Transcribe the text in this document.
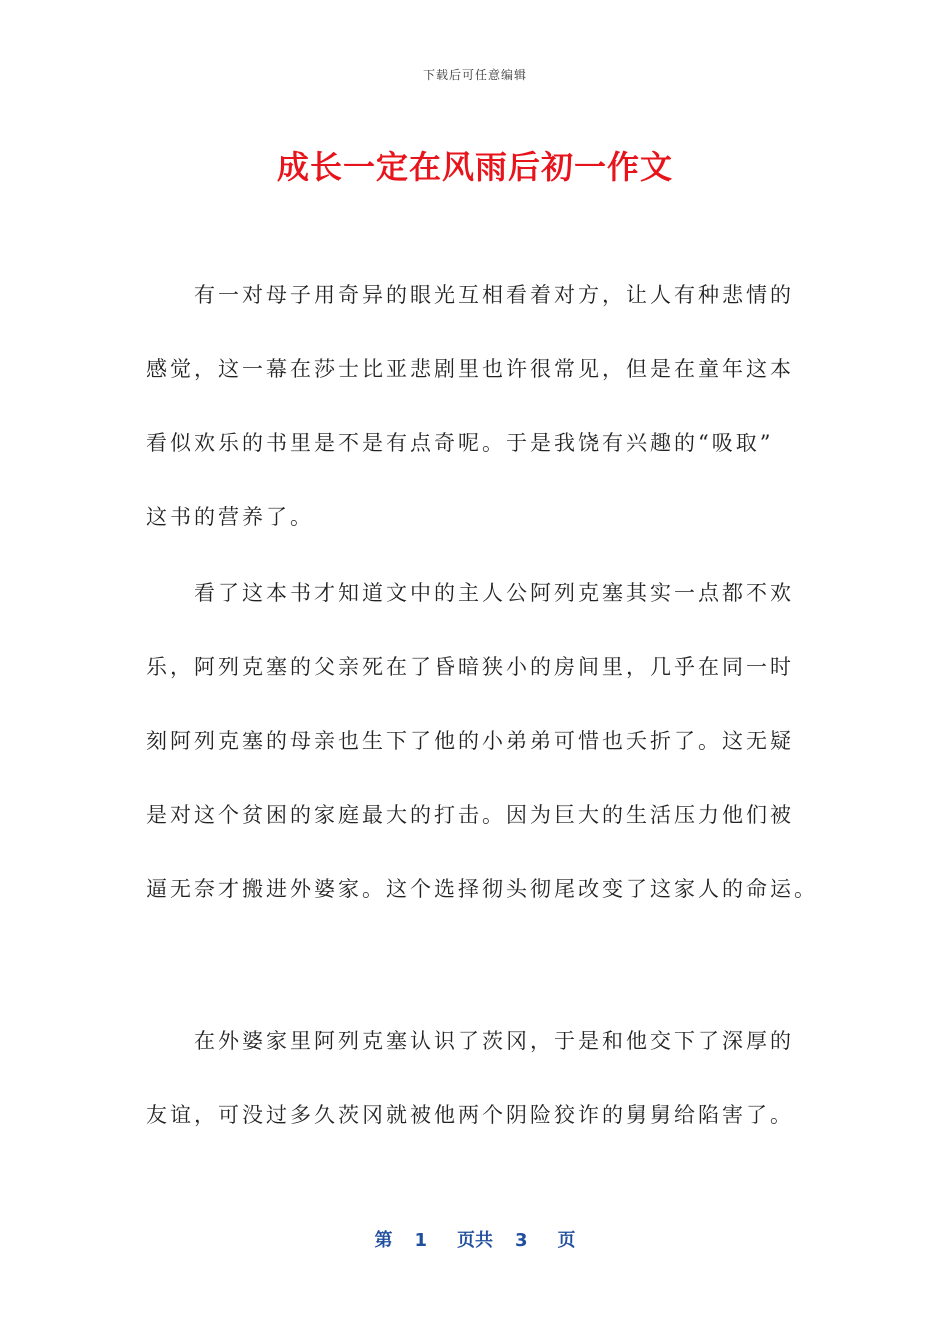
下载后可任意编辑
成长一定在风雨后初一作文
有一对母子用奇异的眼光互相看着对方，让人有种悲情的
感觉，这一幕在莎士比亚悲剧里也许很常见，但是在童年这本
看似欢乐的书里是不是有点奇呢。于是我饶有兴趣的“吸取”
这书的营养了。
看了这本书才知道文中的主人公阿列克塞其实一点都不欢
乐，阿列克塞的父亲死在了昏暗狭小的房间里，几乎在同一时
刻阿列克塞的母亲也生下了他的小弟弟可惜也夭折了。这无疑
是对这个贫困的家庭最大的打击。因为巨大的生活压力他们被
逼无奈才搬进外婆家。这个选择彻头彻尾改变了这家人的命运。
在外婆家里阿列克塞认识了茨冈，于是和他交下了深厚的
友谊，可没过多久茨冈就被他两个阴险狡诈的舅舅给陷害了。
第 1 页共 3 页
